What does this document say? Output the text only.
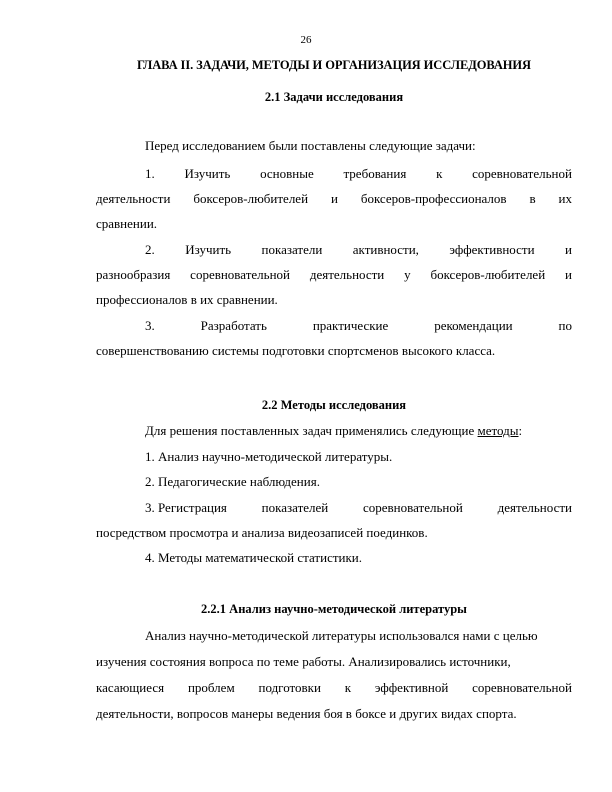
26
ГЛАВА II. ЗАДАЧИ, МЕТОДЫ И ОРГАНИЗАЦИЯ ИССЛЕДОВАНИЯ
2.1 Задачи исследования
Перед исследованием были поставлены следующие задачи:
1. Изучить основные требования к соревновательной
деятельности боксеров-любителей и боксеров-профессионалов в их
сравнении.
2. Изучить показатели активности, эффективности и
разнообразия соревновательной деятельности у боксеров-любителей и
профессионалов в их сравнении.
3.	Разработать	практические	рекомендации	по
совершенствованию системы подготовки спортсменов высокого класса.
2.2 Методы исследования
Для решения поставленных задач применялись следующие методы:
1. Анализ научно-методической литературы.
2. Педагогические наблюдения.
3. Регистрация	показателей	соревновательной	деятельности
посредством просмотра и анализа видеозаписей поединков.
4. Методы математической статистики.
2.2.1 Анализ научно-методической литературы
Анализ научно-методической литературы использовался нами с целью
изучения состояния вопроса по теме работы. Анализировались источники,
касающиеся проблем подготовки к эффективной соревновательной
деятельности, вопросов манеры ведения боя в боксе и других видах спорта.
